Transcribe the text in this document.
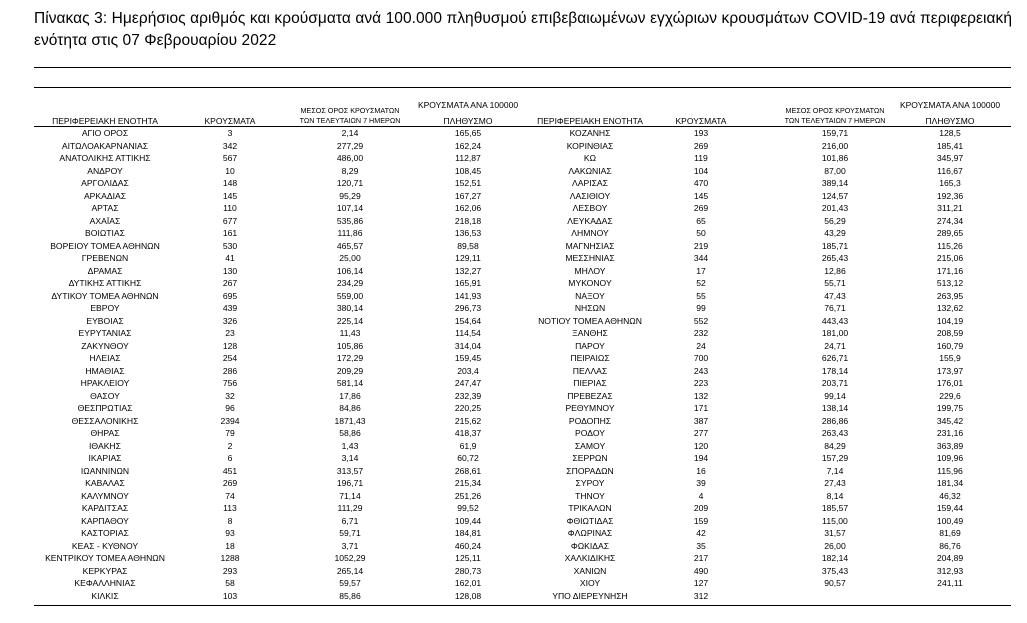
Πίνακας 3: Ημερήσιος αριθμός και κρούσματα ανά 100.000 πληθυσμού επιβεβαιωμένων εγχώριων κρουσμάτων COVID-19 ανά περιφερειακή ενότητα στις 07 Φεβρουαρίου 2022
ΠΕΡΙΦΕΡΕΙΑΚΗ ΕΝΟΤΗΤΑ	ΚΡΟΥΣΜΑΤΑ
ΜΕΣΟΣ ΟΡΟΣ ΚΡΟΥΣΜΑΤΩΝ
ΤΩΝ ΤΕΛΕΥΤΑΙΩΝ 7 ΗΜΕΡΩΝ
ΚΡΟΥΣΜΑΤΑ ΑΝΑ 100000
ΠΛΗΘΥΣΜΟ	ΠΕΡΙΦΕΡΕΙΑΚΗ ΕΝΟΤΗΤΑ	ΚΡΟΥΣΜΑΤΑ
ΜΕΣΟΣ ΟΡΟΣ ΚΡΟΥΣΜΑΤΩΝ
ΤΩΝ ΤΕΛΕΥΤΑΙΩΝ 7 ΗΜΕΡΩΝ
ΚΡΟΥΣΜΑΤΑ ΑΝΑ 100000
ΠΛΗΘΥΣΜΟ
ΑΓΙΟ ΟΡΟΣ	3	2,14	165,65	ΚΟΖΑΝΗΣ	193	159,71	128,5
ΑΙΤΩΛΟΑΚΑΡΝΑΝΙΑΣ	342	277,29	162,24	ΚΟΡΙΝΘΙΑΣ	269	216,00	185,41
ΑΝΑΤΟΛΙΚΗΣ ΑΤΤΙΚΗΣ	567	486,00	112,87	ΚΩ	119	101,86	345,97
ΑΝΔΡΟΥ	10	8,29	108,45	ΛΑΚΩΝΙΑΣ	104	87,00	116,67
ΑΡΓΟΛΙΔΑΣ	148	120,71	152,51	ΛΑΡΙΣΑΣ	470	389,14	165,3
ΑΡΚΑΔΙΑΣ	145	95,29	167,27	ΛΑΣΙΘΙΟΥ	145	124,57	192,36
ΑΡΤΑΣ	110	107,14	162,06	ΛΕΣΒΟΥ	269	201,43	311,21
ΑΧΑΪΑΣ	677	535,86	218,18	ΛΕΥΚΑΔΑΣ	65	56,29	274,34
ΒΟΙΩΤΙΑΣ	161	111,86	136,53	ΛΗΜΝΟΥ	50	43,29	289,65
ΒΟΡΕΙΟΥ ΤΟΜΕΑ ΑΘΗΝΩΝ	530	465,57	89,58	ΜΑΓΝΗΣΙΑΣ	219	185,71	115,26
ΓΡΕΒΕΝΩΝ	41	25,00	129,11	ΜΕΣΣΗΝΙΑΣ	344	265,43	215,06
ΔΡΑΜΑΣ	130	106,14	132,27	ΜΗΛΟΥ	17	12,86	171,16
ΔΥΤΙΚΗΣ ΑΤΤΙΚΗΣ	267	234,29	165,91	ΜΥΚΟΝΟΥ	52	55,71	513,12
ΔΥΤΙΚΟΥ ΤΟΜΕΑ ΑΘΗΝΩΝ	695	559,00	141,93	ΝΑΞΟΥ	55	47,43	263,95
ΕΒΡΟΥ	439	380,14	296,73	ΝΗΣΩΝ	99	76,71	132,62
ΕΥΒΟΙΑΣ	326	225,14	154,64	ΝΟΤΙΟΥ ΤΟΜΕΑ ΑΘΗΝΩΝ	552	443,43	104,19
ΕΥΡΥΤΑΝΙΑΣ	23	11,43	114,54	ΞΑΝΘΗΣ	232	181,00	208,59
ΖΑΚΥΝΘΟΥ	128	105,86	314,04	ΠΑΡΟΥ	24	24,71	160,79
ΗΛΕΙΑΣ	254	172,29	159,45	ΠΕΙΡΑΙΩΣ	700	626,71	155,9
ΗΜΑΘΙΑΣ	286	209,29	203,4	ΠΕΛΛΑΣ	243	178,14	173,97
ΗΡΑΚΛΕΙΟΥ	756	581,14	247,47	ΠΙΕΡΙΑΣ	223	203,71	176,01
ΘΑΣΟΥ	32	17,86	232,39	ΠΡΕΒΕΖΑΣ	132	99,14	229,6
ΘΕΣΠΡΩΤΙΑΣ	96	84,86	220,25	ΡΕΘΥΜΝΟΥ	171	138,14	199,75
ΘΕΣΣΑΛΟΝΙΚΗΣ	2394	1871,43	215,62	ΡΟΔΟΠΗΣ	387	286,86	345,42
ΘΗΡΑΣ	79	58,86	418,37	ΡΟΔΟΥ	277	263,43	231,16
ΙΘΑΚΗΣ	2	1,43	61,9	ΣΑΜΟΥ	120	84,29	363,89
ΙΚΑΡΙΑΣ	6	3,14	60,72	ΣΕΡΡΩΝ	194	157,29	109,96
ΙΩΑΝΝΙΝΩΝ	451	313,57	268,61	ΣΠΟΡΑΔΩΝ	16	7,14	115,96
ΚΑΒΑΛΑΣ	269	196,71	215,34	ΣΥΡΟΥ	39	27,43	181,34
ΚΑΛΥΜΝΟΥ	74	71,14	251,26	ΤΗΝΟΥ	4	8,14	46,32
ΚΑΡΔΙΤΣΑΣ	113	111,29	99,52	ΤΡΙΚΑΛΩΝ	209	185,57	159,44
ΚΑΡΠΑΘΟΥ	8	6,71	109,44	ΦΘΙΩΤΙΔΑΣ	159	115,00	100,49
ΚΑΣΤΟΡΙΑΣ	93	59,71	184,81	ΦΛΩΡΙΝΑΣ	42	31,57	81,69
ΚΕΑΣ - ΚΥΘΝΟΥ	18	3,71	460,24	ΦΩΚΙΔΑΣ	35	26,00	86,76
ΚΕΝΤΡΙΚΟΥ ΤΟΜΕΑ ΑΘΗΝΩΝ	1288	1052,29	125,11	ΧΑΛΚΙΔΙΚΗΣ	217	182,14	204,89
ΚΕΡΚΥΡΑΣ	293	265,14	280,73	ΧΑΝΙΩΝ	490	375,43	312,93
ΚΕΦΑΛΛΗΝΙΑΣ	58	59,57	162,01	ΧΙΟΥ	127	90,57	241,11
ΚΙΛΚΙΣ	103	85,86	128,08	ΥΠΟ ΔΙΕΡΕΥΝΗΣΗ	312
